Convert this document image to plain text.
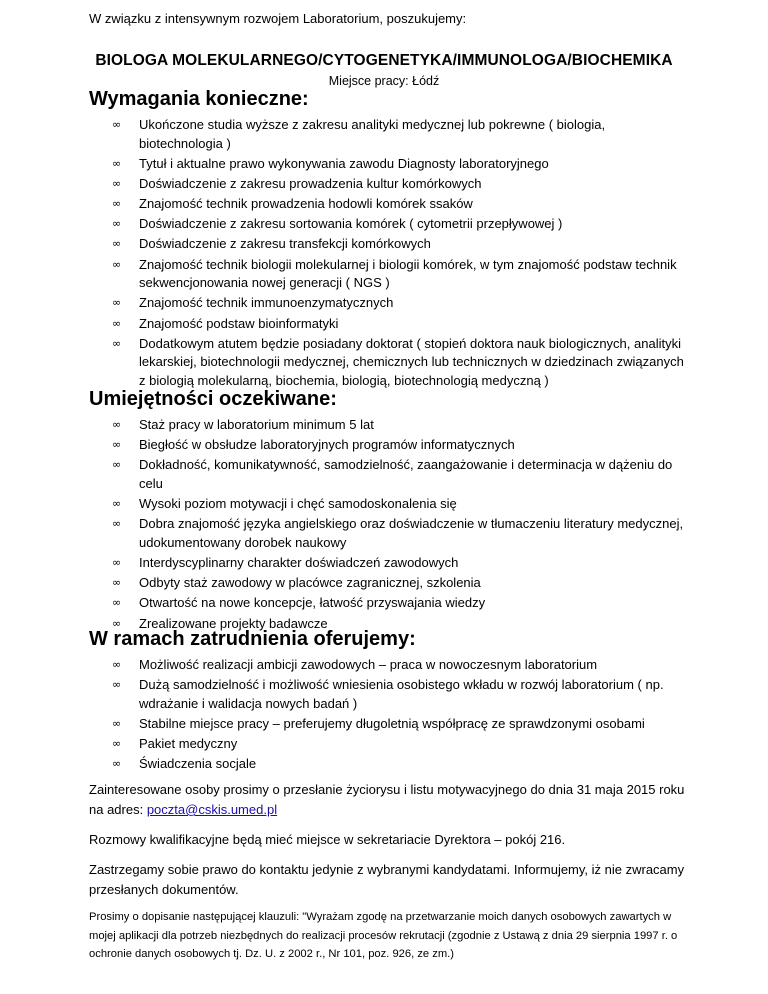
W związku z intensywnym rozwojem Laboratorium, poszukujemy:
BIOLOGA MOLEKULARNEGO/CYTOGENETYKA/IMMUNOLOGA/BIOCHEMIKA
Miejsce pracy: Łódź
Wymagania konieczne:
∞ Ukończone studia wyższe z zakresu analityki medycznej lub pokrewne ( biologia, biotechnologia )
∞ Tytuł i aktualne prawo wykonywania zawodu Diagnosty laboratoryjnego
∞ Doświadczenie z zakresu prowadzenia kultur komórkowych
∞ Znajomość technik prowadzenia hodowli komórek ssaków
∞ Doświadczenie z zakresu sortowania komórek ( cytometrii przepływowej )
∞ Doświadczenie z zakresu transfekcji komórkowych
∞ Znajomość technik biologii molekularnej i biologii komórek, w tym znajomość podstaw technik sekwencjonowania nowej generacji ( NGS )
∞ Znajomość technik immunoenzymatycznych
∞ Znajomość podstaw bioinformatyki
∞ Dodatkowym atutem będzie posiadany doktorat ( stopień doktora nauk biologicznych, analityki lekarskiej, biotechnologii medycznej, chemicznych lub technicznych w dziedzinach związanych z biologią molekularną, biochemia, biologią, biotechnologią medyczną )
Umiejętności oczekiwane:
∞ Staż pracy w laboratorium minimum 5 lat
∞ Biegłość w obsłudze laboratoryjnych programów informatycznych
∞ Dokładność, komunikatywność, samodzielność, zaangażowanie i determinacja w dążeniu do celu
∞ Wysoki poziom motywacji i chęć samodoskonalenia się
∞ Dobra znajomość języka angielskiego oraz doświadczenie w tłumaczeniu literatury medycznej, udokumentowany dorobek naukowy
∞ Interdyscyplinarny charakter doświadczeń zawodowych
∞ Odbyty staż zawodowy w placówce zagranicznej, szkolenia
∞ Otwartość na nowe koncepcje, łatwość przyswajania wiedzy
∞ Zrealizowane projekty badawcze
W ramach zatrudnienia oferujemy:
∞ Możliwość realizacji ambicji zawodowych – praca w nowoczesnym laboratorium
∞ Dużą samodzielność i możliwość wniesienia osobistego wkładu w rozwój laboratorium ( np. wdrażanie i walidacja nowych badań )
∞ Stabilne miejsce pracy – preferujemy długoletnią współpracę ze sprawdzonymi osobami
∞ Pakiet medyczny
∞ Świadczenia socjale

Zainteresowane osoby prosimy o przesłanie życiorysu i listu motywacyjnego do dnia 31 maja 2015 roku na adres: poczta@cskis.umed.pl

Rozmowy kwalifikacyjne będą mieć miejsce w sekretariacie Dyrektora – pokój 216.

Zastrzegamy sobie prawo do kontaktu jedynie z wybranymi kandydatami. Informujemy, iż nie zwracamy przesłanych dokumentów.

Prosimy o dopisanie następującej klauzuli: "Wyrażam zgodę na przetwarzanie moich danych osobowych zawartych w mojej aplikacji dla potrzeb niezbędnych do realizacji procesów rekrutacji (zgodnie z Ustawą z dnia 29 sierpnia 1997 r. o ochronie danych osobowych tj. Dz. U. z 2002 r., Nr 101, poz. 926, ze zm.)
